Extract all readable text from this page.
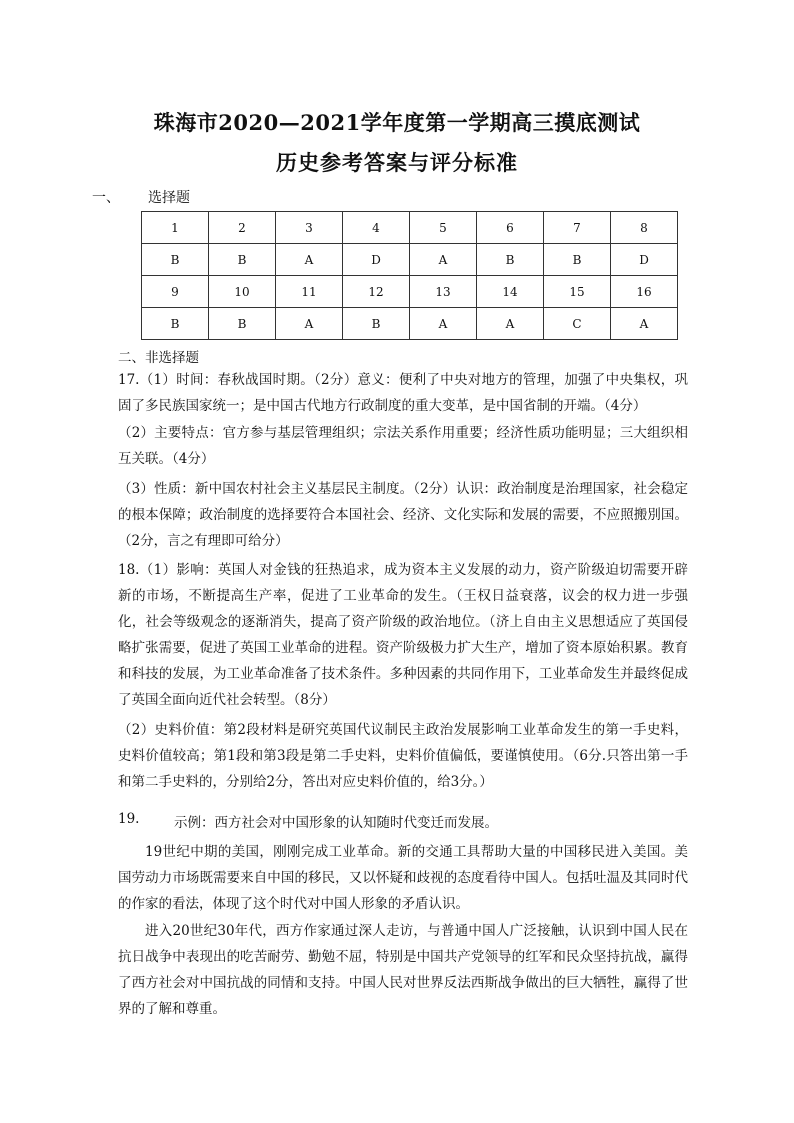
珠海市2020—2021学年度第一学期高三摸底测试
历史参考答案与评分标准
一、 选择题
1	2	3	4	5	6	7	8
B	B	A	D	A	B	B	D
9	10	11	12	13	14	15	16
B	B	A	B	A	A	C	A
二、非选择题
17.（1）时间：春秋战国时期。（2分）意义：便利了中央对地方的管理，加强了中央集权，巩固了多民族国家统一；是中国古代地方行政制度的重大变革，是中国省制的开端。（4分）
（2）主要特点：官方参与基层管理组织；宗法关系作用重要；经济性质功能明显；三大组织相互关联。（4分）
（3）性质：新中国农村社会主义基层民主制度。（2分）认识：政治制度是治理国家，社会稳定的根本保障；政治制度的选择要符合本国社会、经济、文化实际和发展的需要，不应照搬別国。（2分，言之有理即可给分）
18.（1）影响：英国人对金钱的狂热追求，成为资本主义发展的动力，资产阶级迫切需要开辟新的市场，不断提高生产率，促进了工业革命的发生。（王权日益衰落，议会的权力进一步强化，社会等级观念的逐渐消失，提高了资产阶级的政治地位。（济上自由主义思想适应了英国侵略扩张需要，促进了英国工业革命的进程。资产阶级极力扩大生产，增加了资本原始积累。教育和科技的发展，为工业革命准备了技术条件。多种因素的共同作用下，工业革命发生并最终促成了英国全面向近代社会转型。（8分）
（2）史料价值：第2段材料是研究英国代议制民主政治发展影响工业革命发生的第一手史料，史料价值较高；第1段和第3段是第二手史料，史料价值偏低，要谨慎使用。（6分.只答出第一手和第二手史料的，分别给2分，答出对应史料价值的，给3分。）
19.	示例：西方社会对中国形象的认知随时代变迁而发展。
19世纪中期的美国，刚刚完成工业革命。新的交通工具帮助大量的中国移民进入美国。美国劳动力市场既需要来自中国的移民，又以怀疑和歧视的态度看待中国人。包括吐温及其同时代的作家的看法，体现了这个时代对中国人形象的矛盾认识。
进入20世纪30年代，西方作家通过深人走访，与普通中国人广泛接触，认识到中国人民在抗日战争中表现出的吃苦耐劳、勤勉不屈，特别是中国共产党领导的红军和民众坚持抗战，赢得了西方社会对中国抗战的同情和支持。中国人民对世界反法西斯战争做出的巨大牺牲，赢得了世界的了解和尊重。
